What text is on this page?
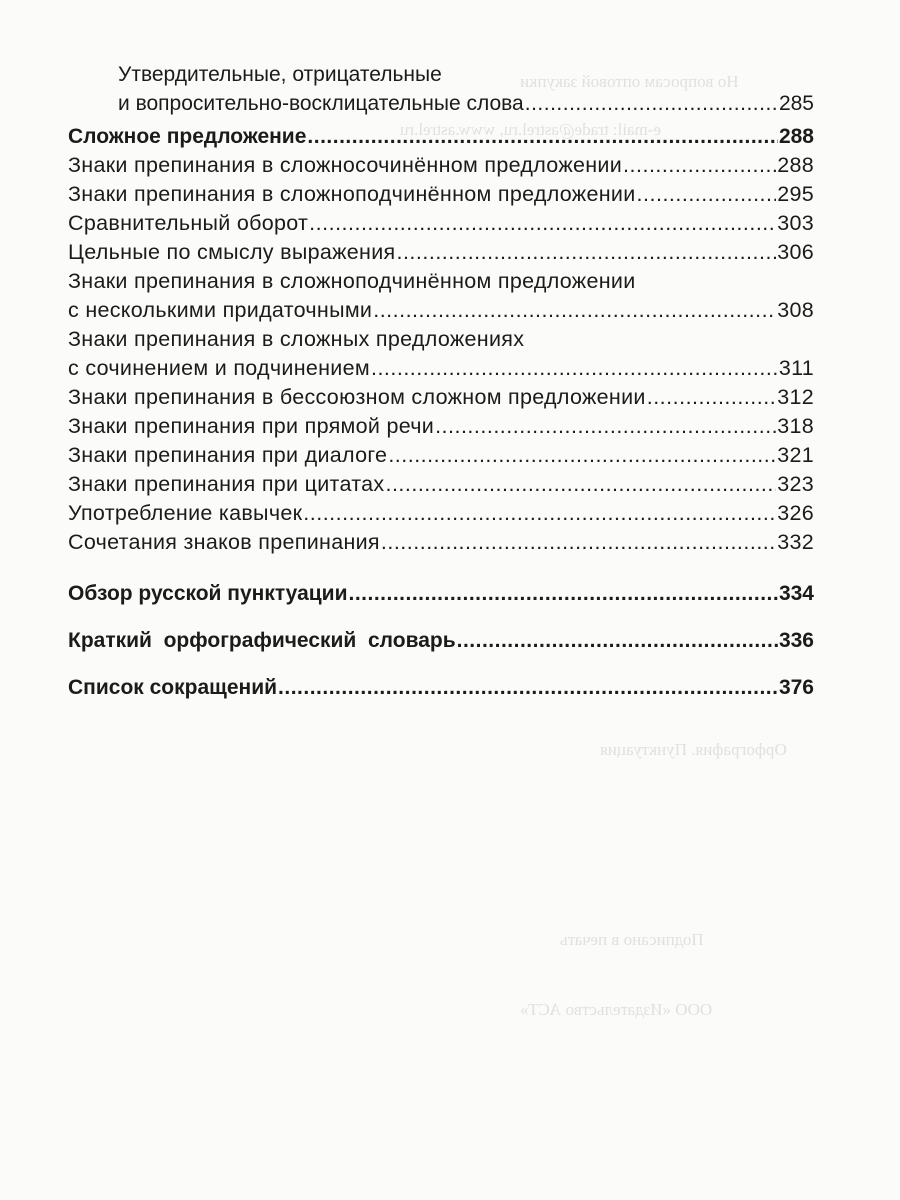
Но вопросам оптовой закупки
e-mail: trade@astrel.ru, www.astrel.ru
Орфография. Пунктуация
Подписано в печать
ООО «Издательство АСТ»
Утвердительные, отрицательные
и вопросительно-восклицательные слова .....	285
Сложное предложение .....	288
Знаки препинания в сложносочинённом предложении .....	288
Знаки препинания в сложноподчинённом предложении .....	295
Сравнительный оборот .....	303
Цельные по смыслу выражения .....	306
Знаки препинания в сложноподчинённом предложении
с несколькими придаточными .....	308
Знаки препинания в сложных предложениях
с сочинением и подчинением .....	311
Знаки препинания в бессоюзном сложном предложении .....	312
Знаки препинания при прямой речи .....	318
Знаки препинания при диалоге .....	321
Знаки препинания при цитатах .....	323
Употребление кавычек .....	326
Сочетания знаков препинания .....	332
Обзор русской пунктуации .....	334
Краткий  орфографический  словарь .....	336
Список сокращений .....	376
